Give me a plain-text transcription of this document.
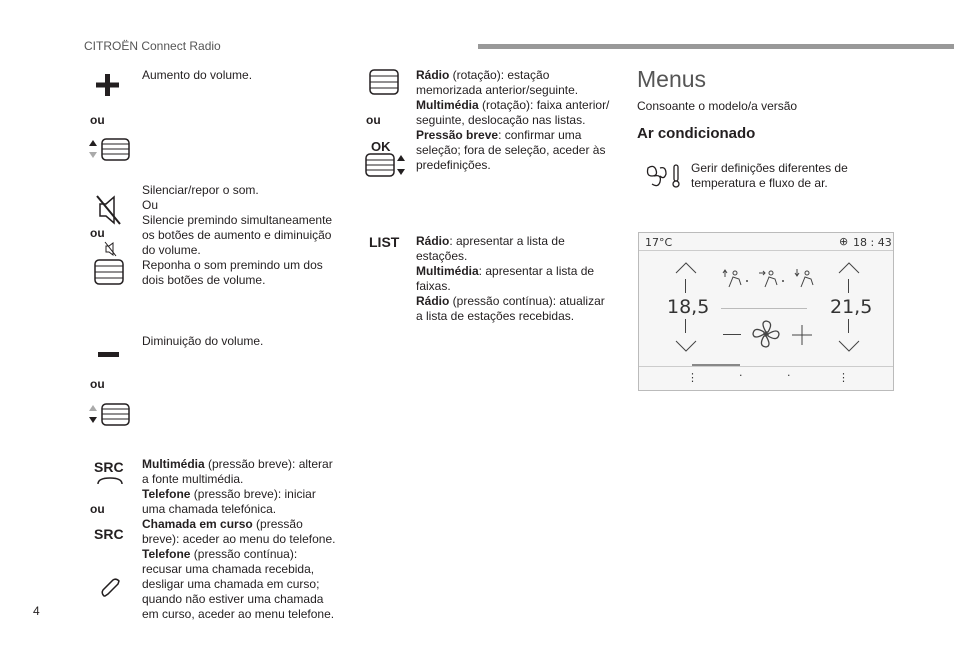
CITROËN Connect Radio
ou
Aumento do volume.
ou
Silenciar/repor o som.
Ou
Silencie premindo simultaneamente
os botões de aumento e diminuição
do volume.
Reponha o som premindo um dos
dois botões de volume.
Diminuição do volume.
ou
SRC
ou
SRC
Multimédia (pressão breve): alterar
a fonte multimédia.
Telefone (pressão breve): iniciar
uma chamada telefónica.
Chamada em curso (pressão
breve): aceder ao menu do telefone.
Telefone (pressão contínua):
recusar uma chamada recebida,
desligar uma chamada em curso;
quando não estiver uma chamada
em curso, aceder ao menu telefone.
ou
OK
Rádio (rotação): estação
memorizada anterior/seguinte.
Multimédia (rotação): faixa anterior/
seguinte, deslocação nas listas.
Pressão breve: confirmar uma
seleção; fora de seleção, aceder às
predefinições.
LIST Rádio: apresentar a lista de
estações.
Multimédia: apresentar a lista de
faixas.
Rádio (pressão contínua): atualizar
a lista de estações recebidas.
Menus
Consoante o modelo/a versão
Ar condicionado
Gerir definições diferentes de
temperatura e fluxo de ar.
17°C	⊕ 18 : 43
18,5	21,5
⋮	·	·	⋮
4
